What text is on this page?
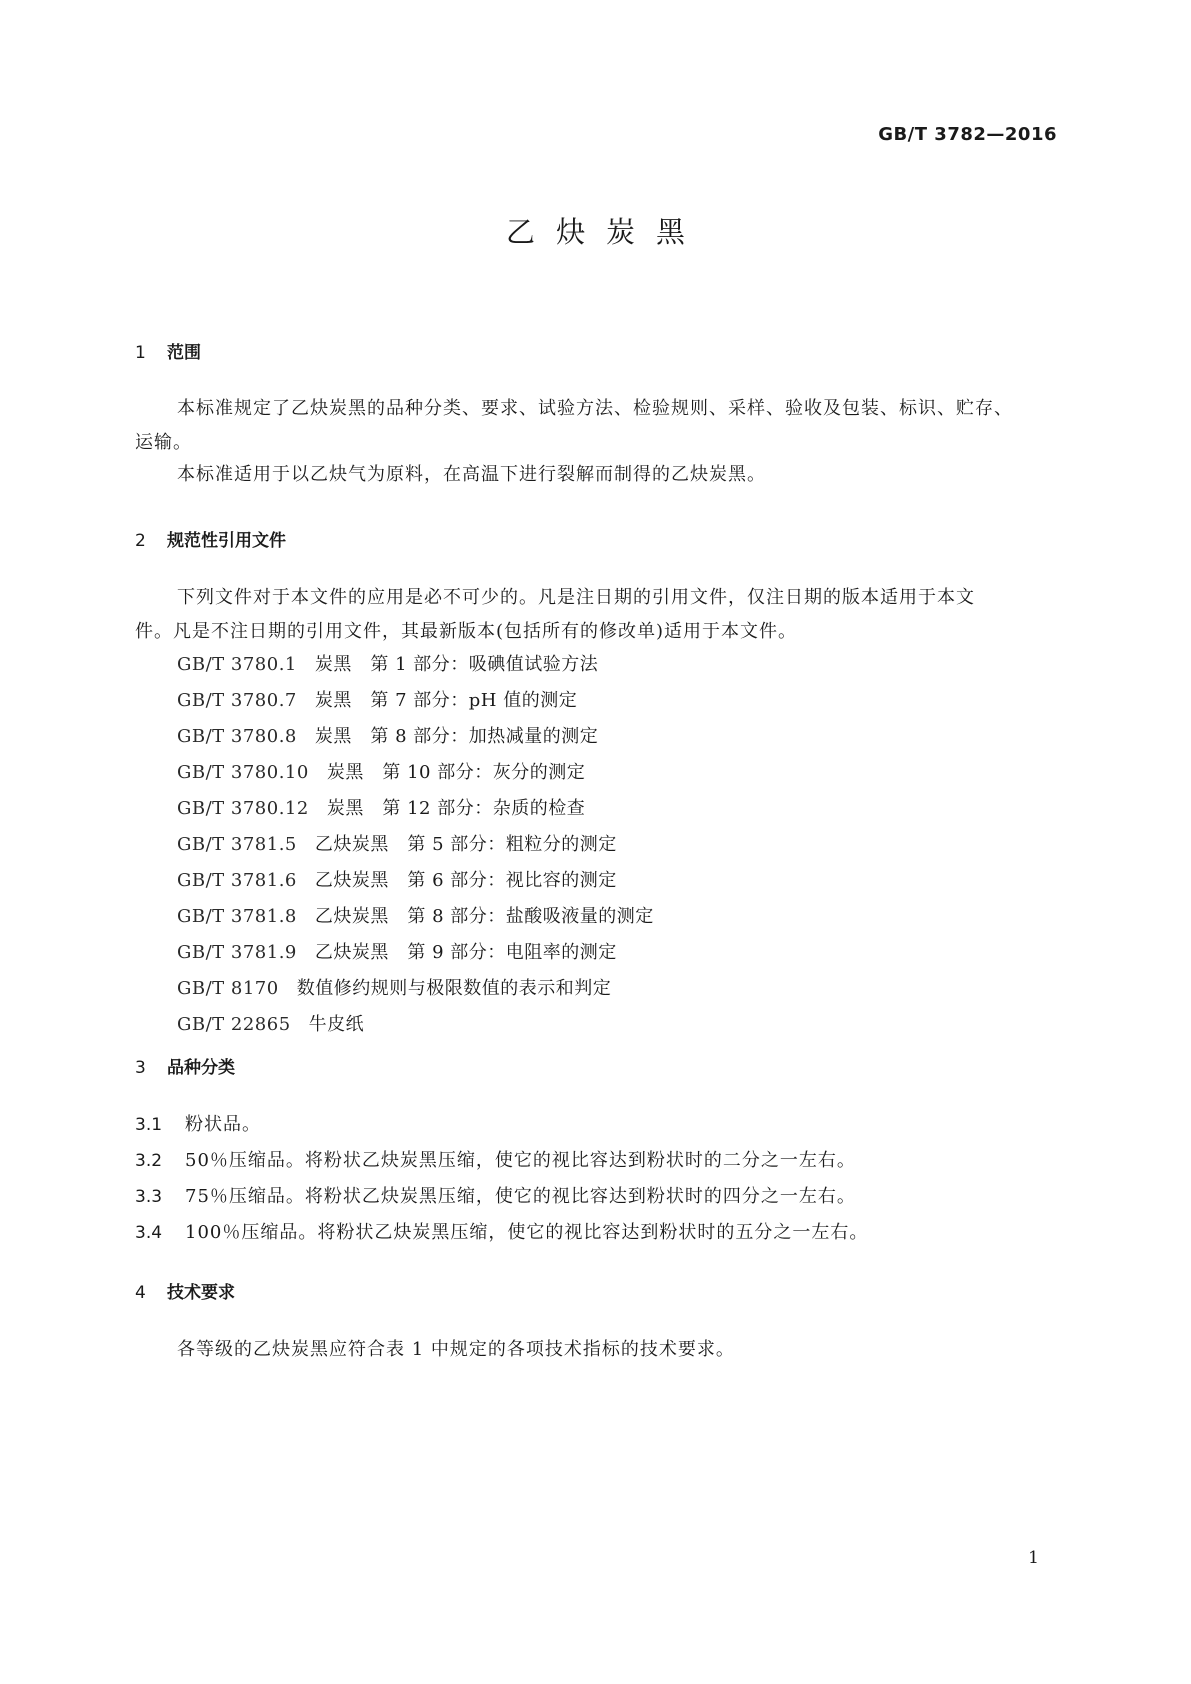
GB/T 3782—2016
乙炔炭黑
1	范围
本标准规定了乙炔炭黑的品种分类、要求、试验方法、检验规则、采样、验收及包装、标识、贮存、
运输。
本标准适用于以乙炔气为原料，在高温下进行裂解而制得的乙炔炭黑。
2	规范性引用文件
下列文件对于本文件的应用是必不可少的。凡是注日期的引用文件，仅注日期的版本适用于本文
件。凡是不注日期的引用文件，其最新版本(包括所有的修改单)适用于本文件。
GB/T 3780.1 炭黑　第 1 部分：吸碘值试验方法
GB/T 3780.7 炭黑　第 7 部分：pH 值的测定
GB/T 3780.8 炭黑　第 8 部分：加热减量的测定
GB/T 3780.10 炭黑　第 10 部分：灰分的测定
GB/T 3780.12 炭黑　第 12 部分：杂质的检查
GB/T 3781.5 乙炔炭黑　第 5 部分：粗粒分的测定
GB/T 3781.6 乙炔炭黑　第 6 部分：视比容的测定
GB/T 3781.8 乙炔炭黑　第 8 部分：盐酸吸液量的测定
GB/T 3781.9 乙炔炭黑　第 9 部分：电阻率的测定
GB/T 8170 数值修约规则与极限数值的表示和判定
GB/T 22865 牛皮纸
3	品种分类
3.1 粉状品。
3.2 50％压缩品。将粉状乙炔炭黑压缩，使它的视比容达到粉状时的二分之一左右。
3.3 75％压缩品。将粉状乙炔炭黑压缩，使它的视比容达到粉状时的四分之一左右。
3.4 100％压缩品。将粉状乙炔炭黑压缩，使它的视比容达到粉状时的五分之一左右。
4	技术要求
各等级的乙炔炭黑应符合表 1 中规定的各项技术指标的技术要求。
1
